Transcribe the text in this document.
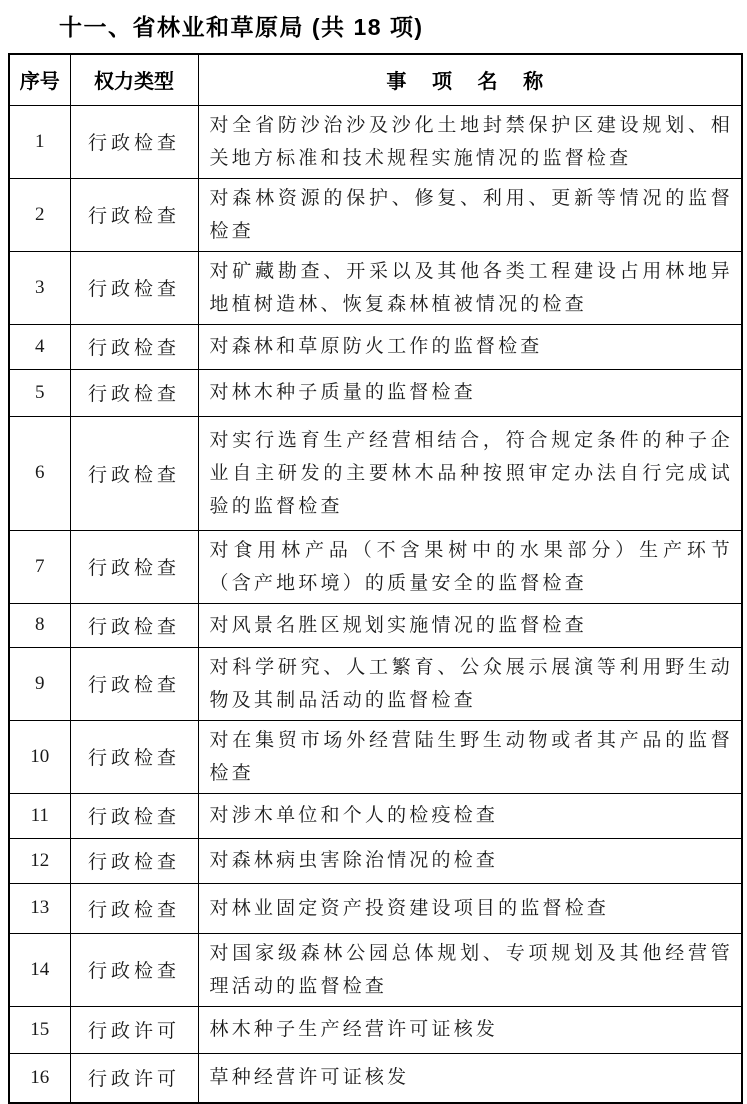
十一、省林业和草原局 (共 18 项)
序号	权力类型	事 项 名 称
1	行政检查	对全省防沙治沙及沙化土地封禁保护区建设规划、相关地方标准和技术规程实施情况的监督检查
2	行政检查	对森林资源的保护、修复、利用、更新等情况的监督检查
3	行政检查	对矿藏勘查、开采以及其他各类工程建设占用林地异地植树造林、恢复森林植被情况的检查
4	行政检查	对森林和草原防火工作的监督检查
5	行政检查	对林木种子质量的监督检查
6	行政检查	对实行选育生产经营相结合，符合规定条件的种子企业自主研发的主要林木品种按照审定办法自行完成试验的监督检查
7	行政检查	对食用林产品（不含果树中的水果部分）生产环节（含产地环境）的质量安全的监督检查
8	行政检查	对风景名胜区规划实施情况的监督检查
9	行政检查	对科学研究、人工繁育、公众展示展演等利用野生动物及其制品活动的监督检查
10	行政检查	对在集贸市场外经营陆生野生动物或者其产品的监督检查
11	行政检查	对涉木单位和个人的检疫检查
12	行政检查	对森林病虫害除治情况的检查
13	行政检查	对林业固定资产投资建设项目的监督检查
14	行政检查	对国家级森林公园总体规划、专项规划及其他经营管理活动的监督检查
15	行政许可	林木种子生产经营许可证核发
16	行政许可	草种经营许可证核发
